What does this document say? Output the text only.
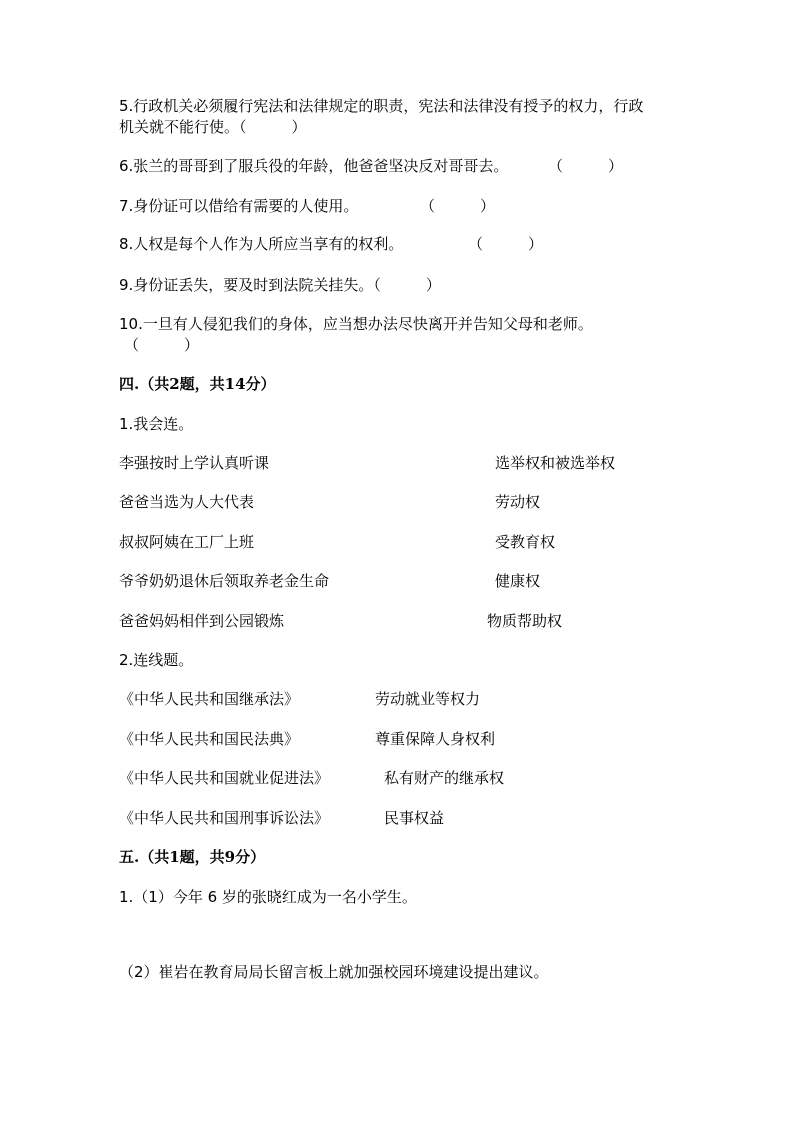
5.行政机关必须履行宪法和法律规定的职责，宪法和法律没有授予的权力，行政
机关就不能行使。（　　　）
6.张兰的哥哥到了服兵役的年龄，他爸爸坚决反对哥哥去。	（　　　）
7.身份证可以借给有需要的人使用。	（　　　）
8.人权是每个人作为人所应当享有的权利。	（　　　）
9.身份证丢失，要及时到法院关挂失。（　　　）
10.一旦有人侵犯我们的身体，应当想办法尽快离开并告知父母和老师。
（　　　）
四.（共2题，共14分）
1.我会连。
李强按时上学认真听课	选举权和被选举权
爸爸当选为人大代表	劳动权
叔叔阿姨在工厂上班	受教育权
爷爷奶奶退休后领取养老金生命	健康权
爸爸妈妈相伴到公园锻炼	物质帮助权
2.连线题。
《中华人民共和国继承法》	劳动就业等权力
《中华人民共和国民法典》	尊重保障人身权利
《中华人民共和国就业促进法》	私有财产的继承权
《中华人民共和国刑事诉讼法》	民事权益
五.（共1题，共9分）
1.（1）今年 6 岁的张晓红成为一名小学生。
（2）崔岩在教育局局长留言板上就加强校园环境建设提出建议。
